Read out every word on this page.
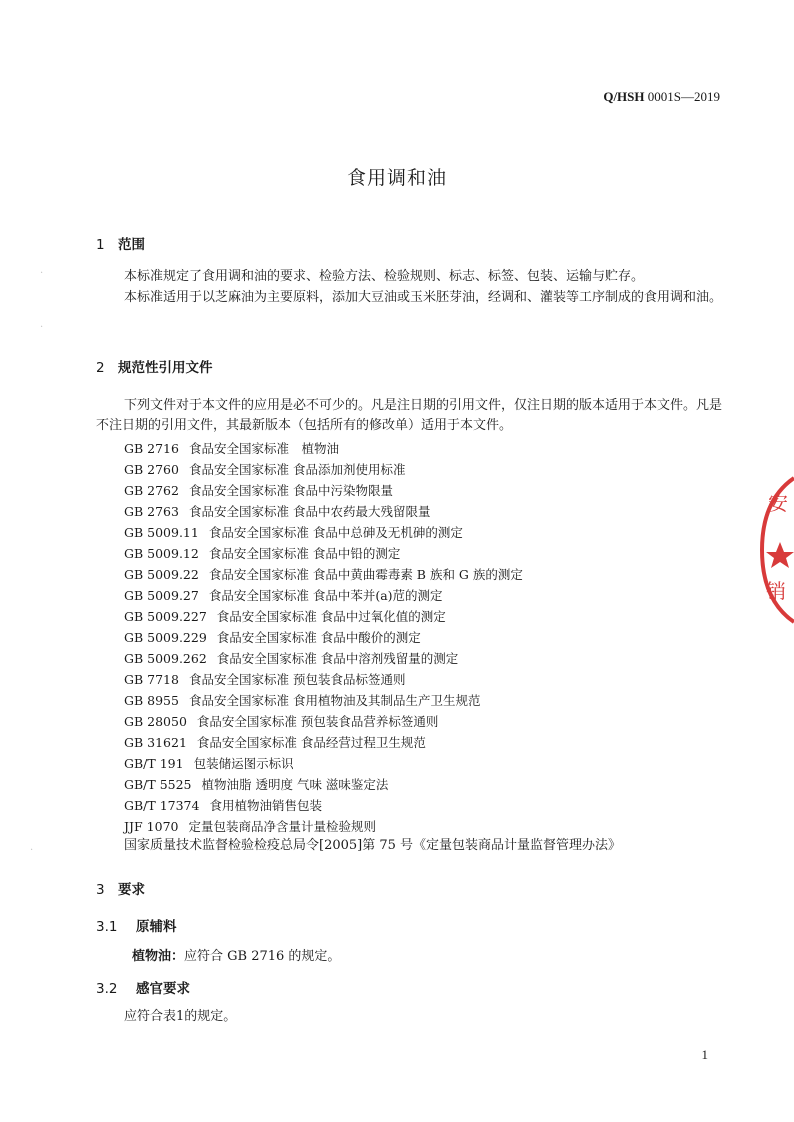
Q/HSH 0001S—2019
食用调和油
1 范围
本标准规定了食用调和油的要求、检验方法、检验规则、标志、标签、包装、运输与贮存。
本标准适用于以芝麻油为主要原料，添加大豆油或玉米胚芽油，经调和、灌装等工序制成的食用调和油。
2 规范性引用文件
下列文件对于本文件的应用是必不可少的。凡是注日期的引用文件，仅注日期的版本适用于本文件。凡是不注日期的引用文件，其最新版本（包括所有的修改单）适用于本文件。
GB 2716 食品安全国家标准　植物油
GB 2760 食品安全国家标准 食品添加剂使用标准
GB 2762 食品安全国家标准 食品中污染物限量
GB 2763 食品安全国家标准 食品中农药最大残留限量
GB 5009.11 食品安全国家标准 食品中总砷及无机砷的测定
GB 5009.12 食品安全国家标准 食品中铅的测定
GB 5009.22 食品安全国家标准 食品中黄曲霉毒素 B 族和 G 族的测定
GB 5009.27 食品安全国家标准 食品中苯并(a)苊的测定
GB 5009.227 食品安全国家标准 食品中过氧化值的测定
GB 5009.229 食品安全国家标准 食品中酸价的测定
GB 5009.262 食品安全国家标准 食品中溶剂残留量的测定
GB 7718 食品安全国家标准 预包装食品标签通则
GB 8955 食品安全国家标准 食用植物油及其制品生产卫生规范
GB 28050 食品安全国家标准 预包装食品营养标签通则
GB 31621 食品安全国家标准 食品经营过程卫生规范
GB/T 191 包装储运图示标识
GB/T 5525 植物油脂 透明度 气味 滋味鉴定法
GB/T 17374 食用植物油销售包装
JJF 1070 定量包装商品净含量计量检验规则
国家质量技术监督检验检疫总局令[2005]第 75 号《定量包装商品计量监督管理办法》
3 要求
3.1 原辅料
植物油：应符合 GB 2716 的规定。
3.2 感官要求
应符合表1的规定。
1
安
销
·
·
·
